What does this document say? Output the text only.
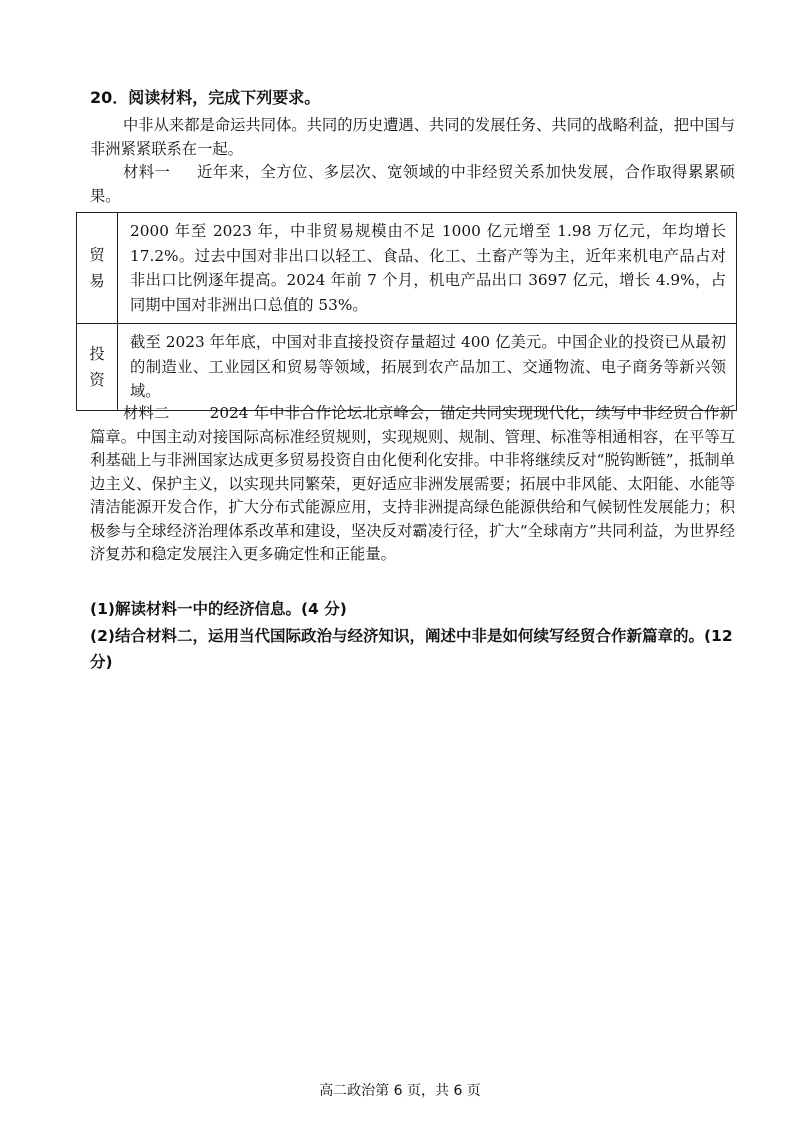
20．阅读材料，完成下列要求。

中非从来都是命运共同体。共同的历史遭遇、共同的发展任务、共同的战略利益，把中国与非洲紧紧联系在一起。

材料一 近年来，全方位、多层次、宽领域的中非经贸关系加快发展，合作取得累累硕果。

贸
易	2000 年至 2023 年，中非贸易规模由不足 1000 亿元增至 1.98 万亿元，年均增长 17.2%。过去中国对非出口以轻工、食品、化工、土畜产等为主，近年来机电产品占对非出口比例逐年提高。2024 年前 7 个月，机电产品出口 3697 亿元，增长 4.9%，占同期中国对非洲出口总值的 53%。

投
资	截至 2023 年年底，中国对非直接投资存量超过 400 亿美元。中国企业的投资已从最初的制造业、工业园区和贸易等领域，拓展到农产品加工、交通物流、电子商务等新兴领域。

材料二	2024 年中非合作论坛北京峰会，锚定共同实现现代化，续写中非经贸合作新篇章。中国主动对接国际高标准经贸规则，实现规则、规制、管理、标准等相通相容，在平等互利基础上与非洲国家达成更多贸易投资自由化便利化安排。中非将继续反对“脱钩断链”，抵制单边主义、保护主义，以实现共同繁荣，更好适应非洲发展需要；拓展中非风能、太阳能、水能等清洁能源开发合作，扩大分布式能源应用，支持非洲提高绿色能源供给和气候韧性发展能力；积极参与全球经济治理体系改革和建设，坚决反对霸凌行径，扩大“全球南方”共同利益，为世界经济复苏和稳定发展注入更多确定性和正能量。

(1)解读材料一中的经济信息。(4 分)

(2)结合材料二，运用当代国际政治与经济知识，阐述中非是如何续写经贸合作新篇章的。(12 分)

高二政治第 6 页，共 6 页
